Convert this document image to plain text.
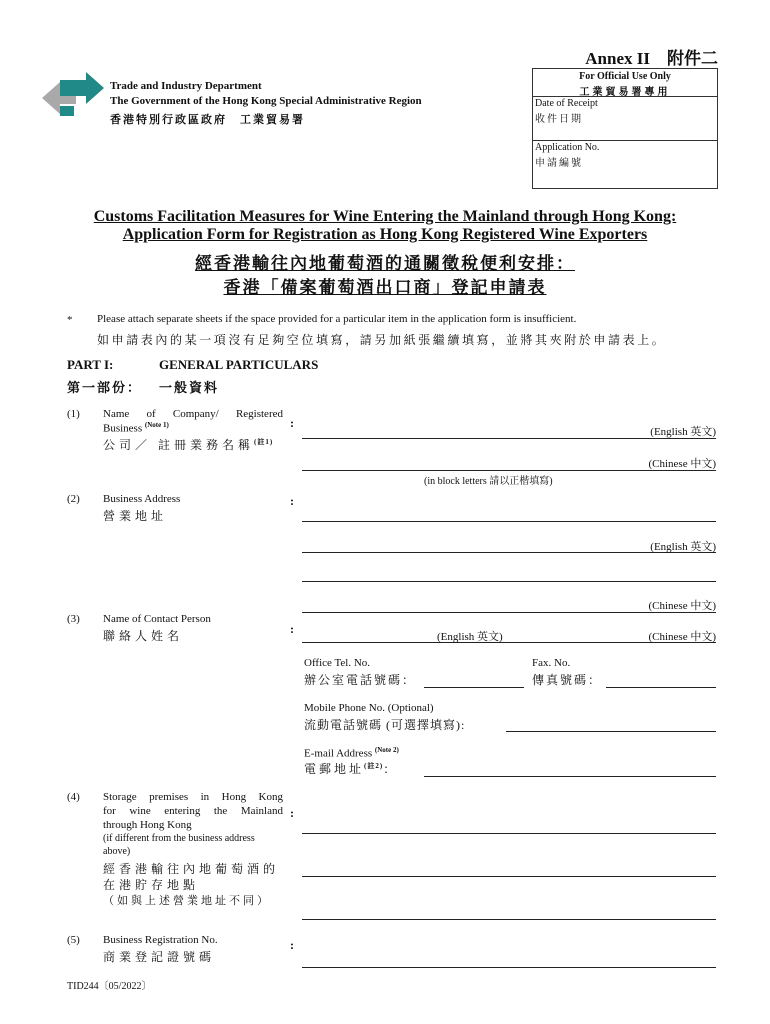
Annex II　附件二
Trade and Industry Department
The Government of the Hong Kong Special Administrative Region
香港特別行政區政府　工業貿易署
For Official Use Only
工業貿易署專用
Date of Receipt
收件日期
Application No.
申請編號
Customs Facilitation Measures for Wine Entering the Mainland through Hong Kong:
Application Form for Registration as Hong Kong Registered Wine Exporters
經香港輸往內地葡萄酒的通關徵稅便利安排：
香港「備案葡萄酒出口商」登記申請表
* Please attach separate sheets if the space provided for a particular item in the application form is insufficient.
如申請表內的某一項沒有足夠空位填寫，請另加紙張繼續填寫，並將其夾附於申請表上。
PART I:	GENERAL PARTICULARS
第一部份： 一般資料
(1) Name of Company/ Registered
Business $^{(Note 1)}$
公司／ 註冊業務名稱$^{(註1)}$
:
(English 英文)
(Chinese 中文)
(in block letters 請以正楷填寫)
(2) Business Address
營業地址
:
(English 英文)
(Chinese 中文)
(3) Name of Contact Person
聯絡人姓名	:
(English 英文)	(Chinese 中文)
Office Tel. No.
辦公室電話號碼：
Fax. No.
傳真號碼：
Mobile Phone No. (Optional)
流動電話號碼 (可選擇填寫):
E-mail Address $^{(Note 2)}$
電郵地址$^{(註2)}$：
(4) Storage premises in Hong Kong
for wine entering the Mainland
through Hong Kong
(if different from the business address
above)
經香港輸往內地葡萄酒的
在港貯存地點
（如與上述營業地址不同）
:
(5) Business Registration No.
商業登記證號碼
:
TID244〔05/2022〕
